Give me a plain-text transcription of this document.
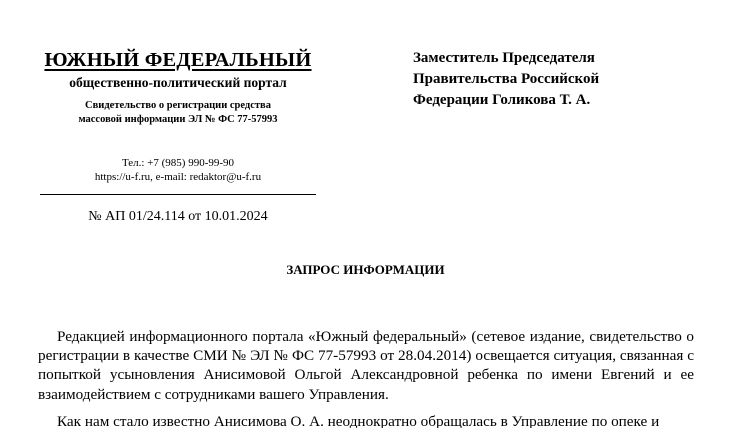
ЮЖНЫЙ ФЕДЕРАЛЬНЫЙ
общественно-политический портал
Свидетельство о регистрации средства
массовой информации ЭЛ № ФС 77-57993
Тел.: +7 (985) 990-99-90
https://u-f.ru, e-mail: redaktor@u-f.ru
№ АП 01/24.114 от 10.01.2024
Заместитель Председателя
Правительства Российской
Федерации Голикова Т. А.
ЗАПРОС ИНФОРМАЦИИ

Редакцией информационного портала «Южный федеральный» (сетевое издание, свидетельство о регистрации в качестве СМИ № ЭЛ № ФС 77-57993 от 28.04.2014) освещается ситуация, связанная с попыткой усыновления Анисимовой Ольгой Александровной ребенка по имени Евгений и ее взаимодействием с сотрудниками вашего Управления.

Как нам стало известно Анисимова О. А. неоднократно обращалась в Управление по опеке и
